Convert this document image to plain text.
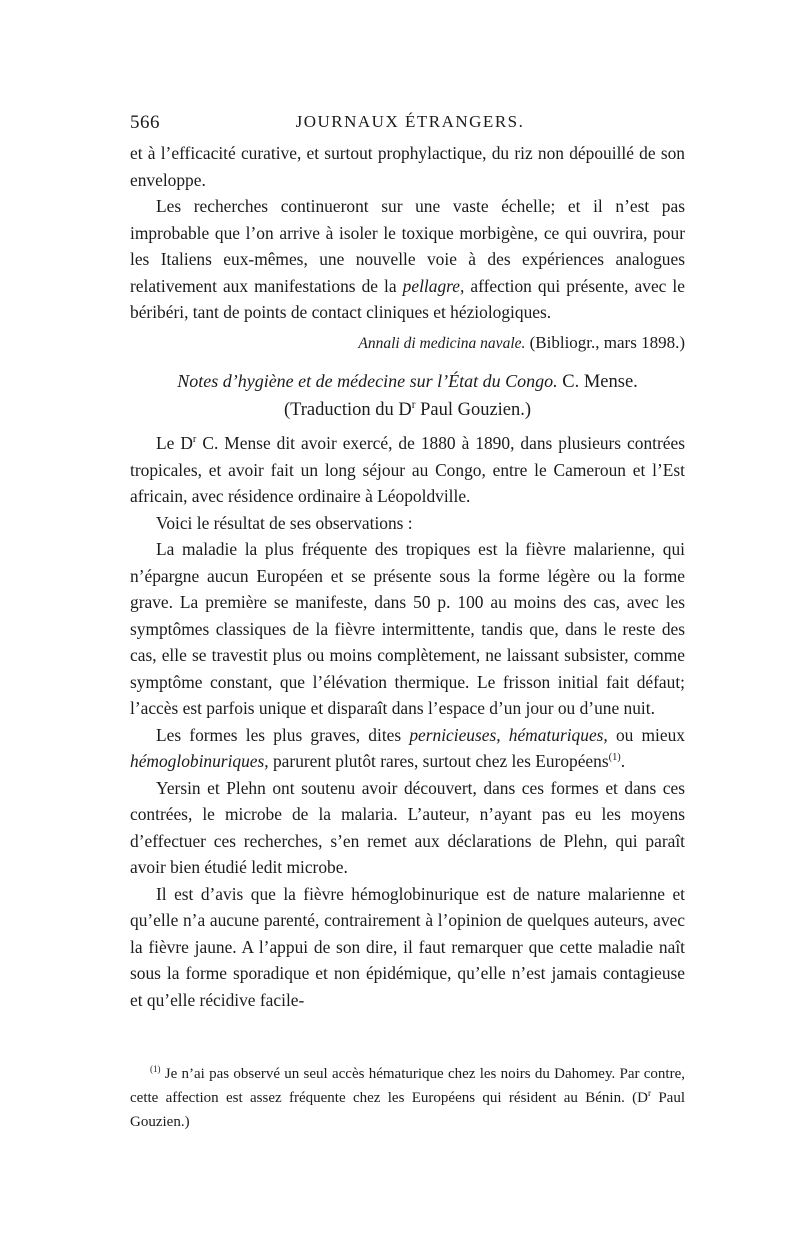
566	JOURNAUX ÉTRANGERS.

et à l’efficacité curative, et surtout prophylactique, du riz non dépouillé de son enveloppe.

Les recherches continueront sur une vaste échelle; et il n’est pas improbable que l’on arrive à isoler le toxique morbigène, ce qui ouvrira, pour les Italiens eux-mêmes, une nouvelle voie à des expériences analogues relativement aux manifestations de la pellagre, affection qui présente, avec le béribéri, tant de points de contact cliniques et héziologiques.

Annali di medicina navale. (Bibliogr., mars 1898.)

Notes d’hygiène et de médecine sur l’État du Congo. C. Mense.
(Traduction du $D^r$ Paul Gouzien.)

Le $D^r$ C. Mense dit avoir exercé, de 1880 à 1890, dans plusieurs contrées tropicales, et avoir fait un long séjour au Congo, entre le Cameroun et l’Est africain, avec résidence ordinaire à Léopoldville.

Voici le résultat de ses observations :

La maladie la plus fréquente des tropiques est la fièvre malarienne, qui n’épargne aucun Européen et se présente sous la forme légère ou la forme grave. La première se manifeste, dans 50 p. 100 au moins des cas, avec les symptômes classiques de la fièvre intermittente, tandis que, dans le reste des cas, elle se travestit plus ou moins complètement, ne laissant subsister, comme symptôme constant, que l’élévation thermique. Le frisson initial fait défaut; l’accès est parfois unique et disparaît dans l’espace d’un jour ou d’une nuit.

Les formes les plus graves, dites pernicieuses, hématuriques, ou mieux hémoglobinuriques, parurent plutôt rares, surtout chez les Européens$^{(1)}$.

Yersin et Plehn ont soutenu avoir découvert, dans ces formes et dans ces contrées, le microbe de la malaria. L’auteur, n’ayant pas eu les moyens d’effectuer ces recherches, s’en remet aux déclarations de Plehn, qui paraît avoir bien étudié ledit microbe.

Il est d’avis que la fièvre hémoglobinurique est de nature malarienne et qu’elle n’a aucune parenté, contrairement à l’opinion de quelques auteurs, avec la fièvre jaune. A l’appui de son dire, il faut remarquer que cette maladie naît sous la forme sporadique et non épidémique, qu’elle n’est jamais contagieuse et qu’elle récidive facile-

$^{(1)}$ Je n’ai pas observé un seul accès hématurique chez les noirs du Dahomey. Par contre, cette affection est assez fréquente chez les Européens qui résident au Bénin. ($D^r$ Paul Gouzien.)
